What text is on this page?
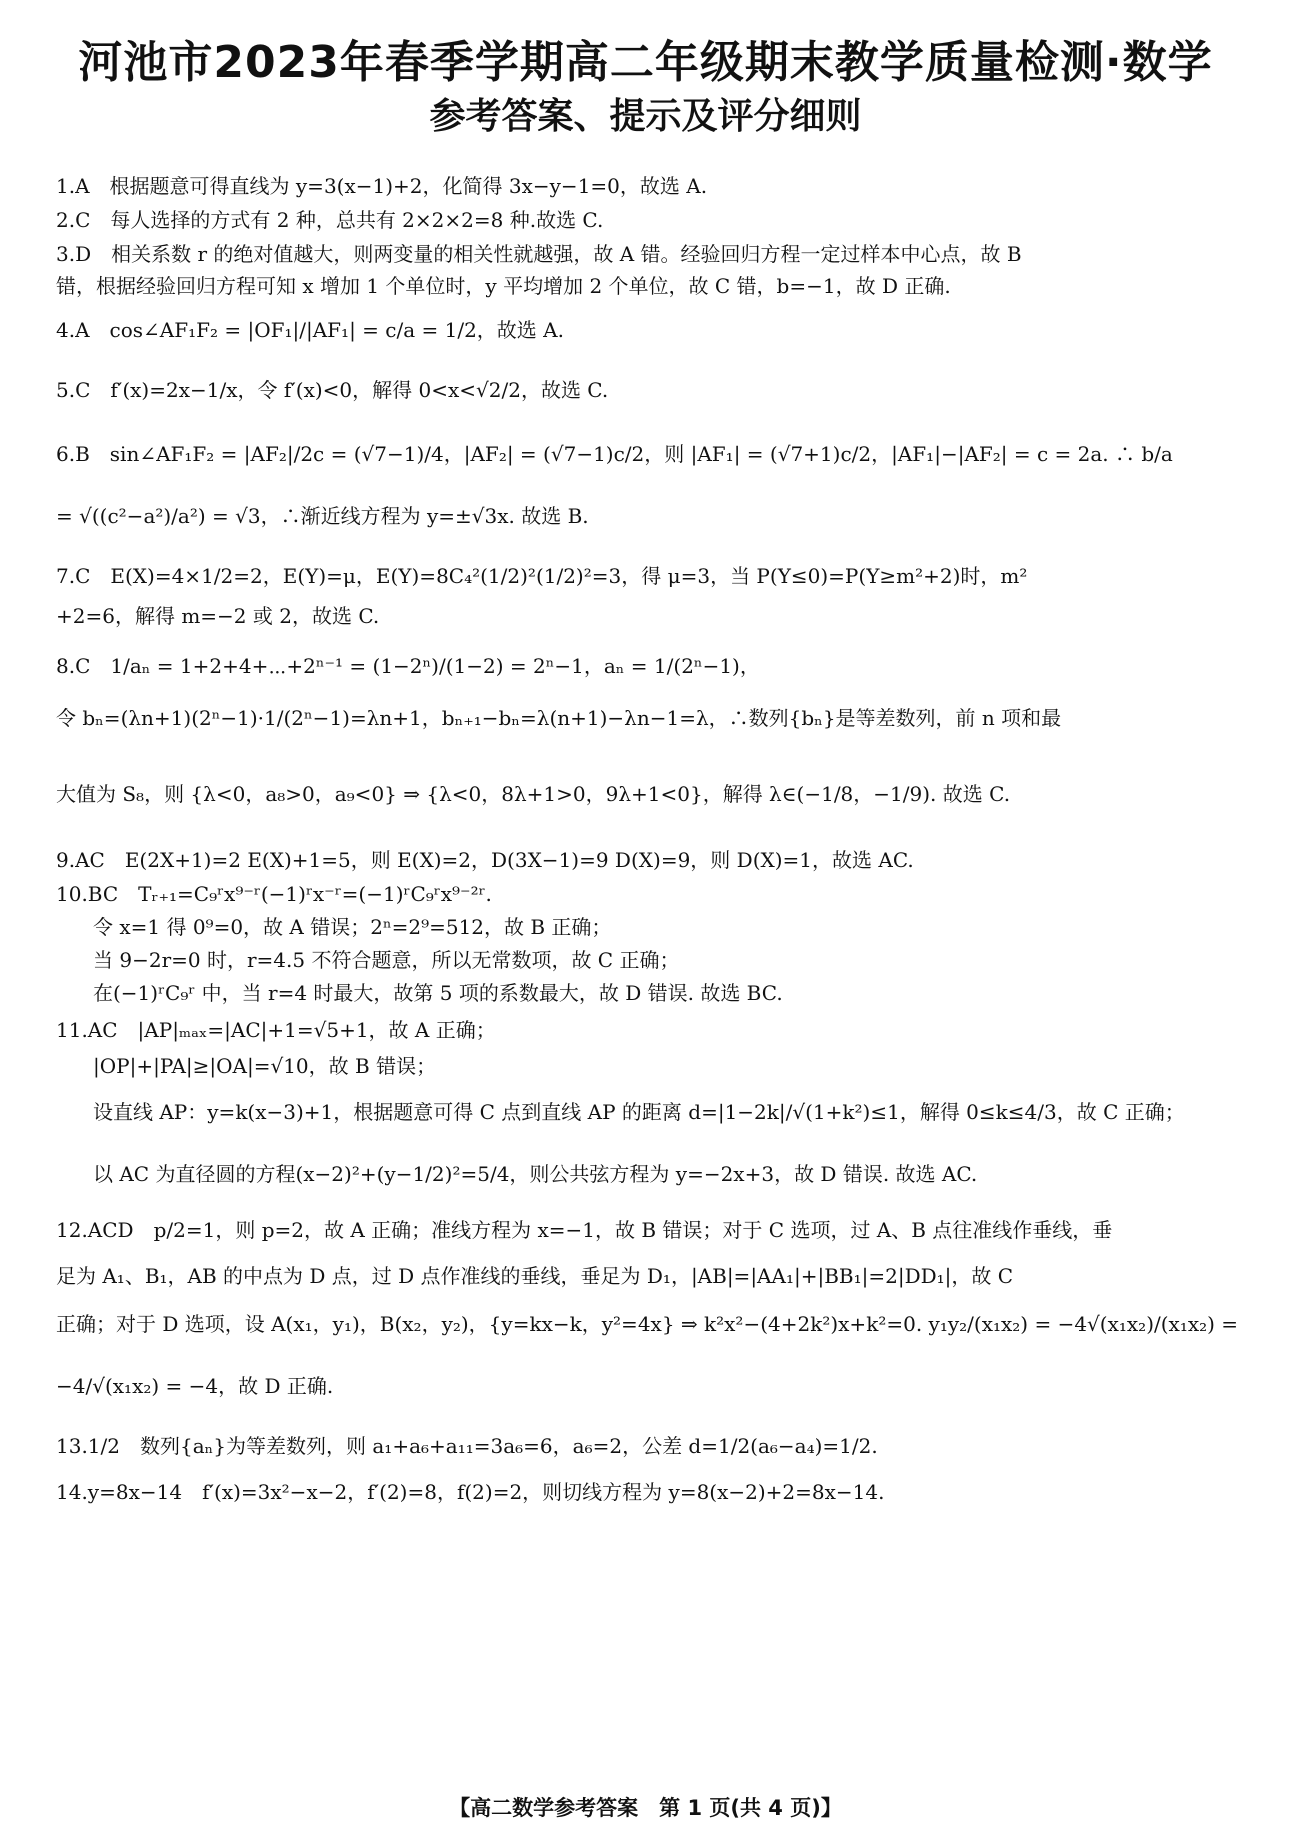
河池市2023年春季学期高二年级期末教学质量检测·数学
参考答案、提示及评分细则
1.A　根据题意可得直线为 y=3(x−1)+2，化简得 3x−y−1=0，故选 A.
2.C　每人选择的方式有 2 种，总共有 2×2×2=8 种.故选 C.
3.D　相关系数 r 的绝对值越大，则两变量的相关性就越强，故 A 错。经验回归方程一定过样本中心点，故 B
错，根据经验回归方程可知 x 增加 1 个单位时，y 平均增加 2 个单位，故 C 错，b=−1，故 D 正确.
4.A　cos∠AF₁F₂ = |OF₁|/|AF₁| = c/a = 1/2，故选 A.
5.C　f′(x)=2x−1/x，令 f′(x)<0，解得 0<x<√2/2，故选 C.
6.B　sin∠AF₁F₂ = |AF₂|/2c = (√7−1)/4，|AF₂| = (√7−1)c/2，则 |AF₁| = (√7+1)c/2，|AF₁|−|AF₂| = c = 2a. ∴ b/a
= √((c²−a²)/a²) = √3，∴渐近线方程为 y=±√3x. 故选 B.
7.C　E(X)=4×1/2=2，E(Y)=μ，E(Y)=8C₄²(1/2)²(1/2)²=3，得 μ=3，当 P(Y≤0)=P(Y≥m²+2)时，m²
+2=6，解得 m=−2 或 2，故选 C.
8.C　1/aₙ = 1+2+4+⋯+2ⁿ⁻¹ = (1−2ⁿ)/(1−2) = 2ⁿ−1，aₙ = 1/(2ⁿ−1)，
令 bₙ=(λn+1)(2ⁿ−1)·1/(2ⁿ−1)=λn+1，bₙ₊₁−bₙ=λ(n+1)−λn−1=λ，∴数列{bₙ}是等差数列，前 n 项和最
大值为 S₈，则 {λ<0，a₈>0，a₉<0} ⇒ {λ<0，8λ+1>0，9λ+1<0}，解得 λ∈(−1/8，−1/9). 故选 C.
9.AC　E(2X+1)=2 E(X)+1=5，则 E(X)=2，D(3X−1)=9 D(X)=9，则 D(X)=1，故选 AC.
10.BC　Tᵣ₊₁=C₉ʳx⁹⁻ʳ(−1)ʳx⁻ʳ=(−1)ʳC₉ʳx⁹⁻²ʳ.
令 x=1 得 0⁹=0，故 A 错误；2ⁿ=2⁹=512，故 B 正确；
当 9−2r=0 时，r=4.5 不符合题意，所以无常数项，故 C 正确；
在(−1)ʳC₉ʳ 中，当 r=4 时最大，故第 5 项的系数最大，故 D 错误. 故选 BC.
11.AC　|AP|ₘₐₓ=|AC|+1=√5+1，故 A 正确；
|OP|+|PA|≥|OA|=√10，故 B 错误；
设直线 AP：y=k(x−3)+1，根据题意可得 C 点到直线 AP 的距离 d=|1−2k|/√(1+k²)≤1，解得 0≤k≤4/3，故 C 正确；
以 AC 为直径圆的方程(x−2)²+(y−1/2)²=5/4，则公共弦方程为 y=−2x+3，故 D 错误. 故选 AC.
12.ACD　p/2=1，则 p=2，故 A 正确；准线方程为 x=−1，故 B 错误；对于 C 选项，过 A、B 点往准线作垂线，垂
足为 A₁、B₁，AB 的中点为 D 点，过 D 点作准线的垂线，垂足为 D₁，|AB|=|AA₁|+|BB₁|=2|DD₁|，故 C
正确；对于 D 选项，设 A(x₁，y₁)，B(x₂，y₂)，{y=kx−k，y²=4x} ⇒ k²x²−(4+2k²)x+k²=0. y₁y₂/(x₁x₂) = −4√(x₁x₂)/(x₁x₂) =
−4/√(x₁x₂) = −4，故 D 正确.
13.1/2　数列{aₙ}为等差数列，则 a₁+a₆+a₁₁=3a₆=6，a₆=2，公差 d=1/2(a₆−a₄)=1/2.
14.y=8x−14　f′(x)=3x²−x−2，f′(2)=8，f(2)=2，则切线方程为 y=8(x−2)+2=8x−14.
【高二数学参考答案　第 1 页(共 4 页)】
